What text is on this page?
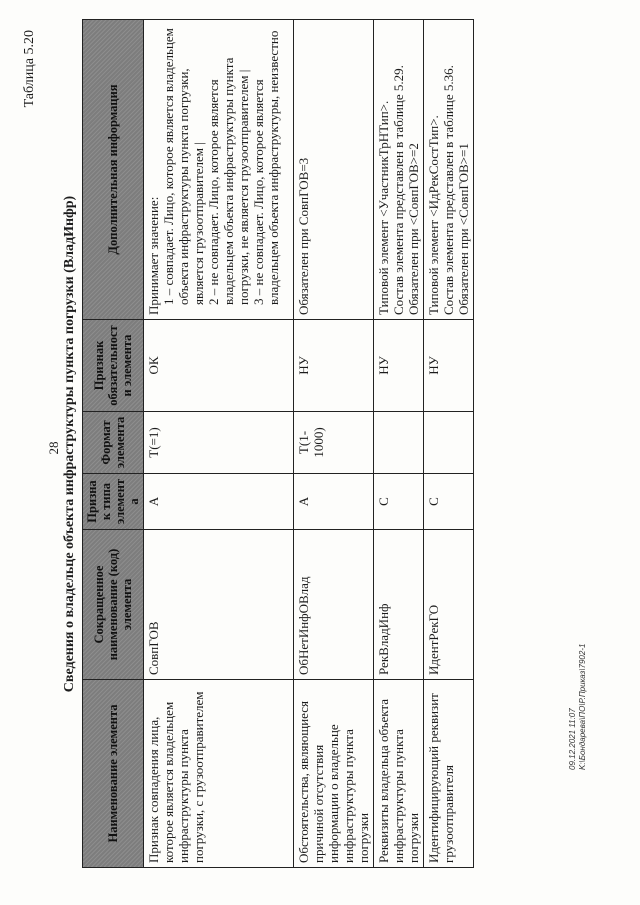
28
09.12.2021 11:07 K:\Бондарева\ПО\Р.Приказ\7902-1
Таблица 5.20
Сведения о владельце объекта инфраструктуры пункта погрузки (ВладИнфр)
Наименование элемента	Сокращенное наименование (код) элемента	Признак типа элемента	Формат элемента	Признак обязательности элемента	Дополнительная информация
Признак совпадения лица, которое является владельцем инфраструктуры пункта погрузки, с грузоотправителем	СовпГОВ	А	Т(=1)	ОК	Принимает значение: 1 – совпадает. Лицо, которое является владельцем объекта инфраструктуры пункта погрузки, является грузоотправителем | 2 – не совпадает. Лицо, которое является владельцем объекта инфраструктуры пункта погрузки, не является грузоотправителем | 3 – не совпадает. Лицо, которое является владельцем объекта инфраструктуры, неизвестно

Обстоятельства, являющиеся причиной отсутствия информации о владельце инфраструктуры пункта погрузки	ОбНетИнфОВлад	А	Т(1-1000)	НУ	Обязателен при СовпГОВ=3

Реквизиты владельца объекта инфраструктуры пункта погрузки	РекВладИнф	С		НУ	Типовой элемент <УчастникТрНТип>. Состав элемента представлен в таблице 5.29. Обязателен при <СовпГОВ>=2

Идентифицирующий реквизит грузоотправителя	ИдентРекГО	С		НУ	Типовой элемент <ИдРекСостТип>. Состав элемента представлен в таблице 5.36. Обязателен при <СовпГОВ>=1
